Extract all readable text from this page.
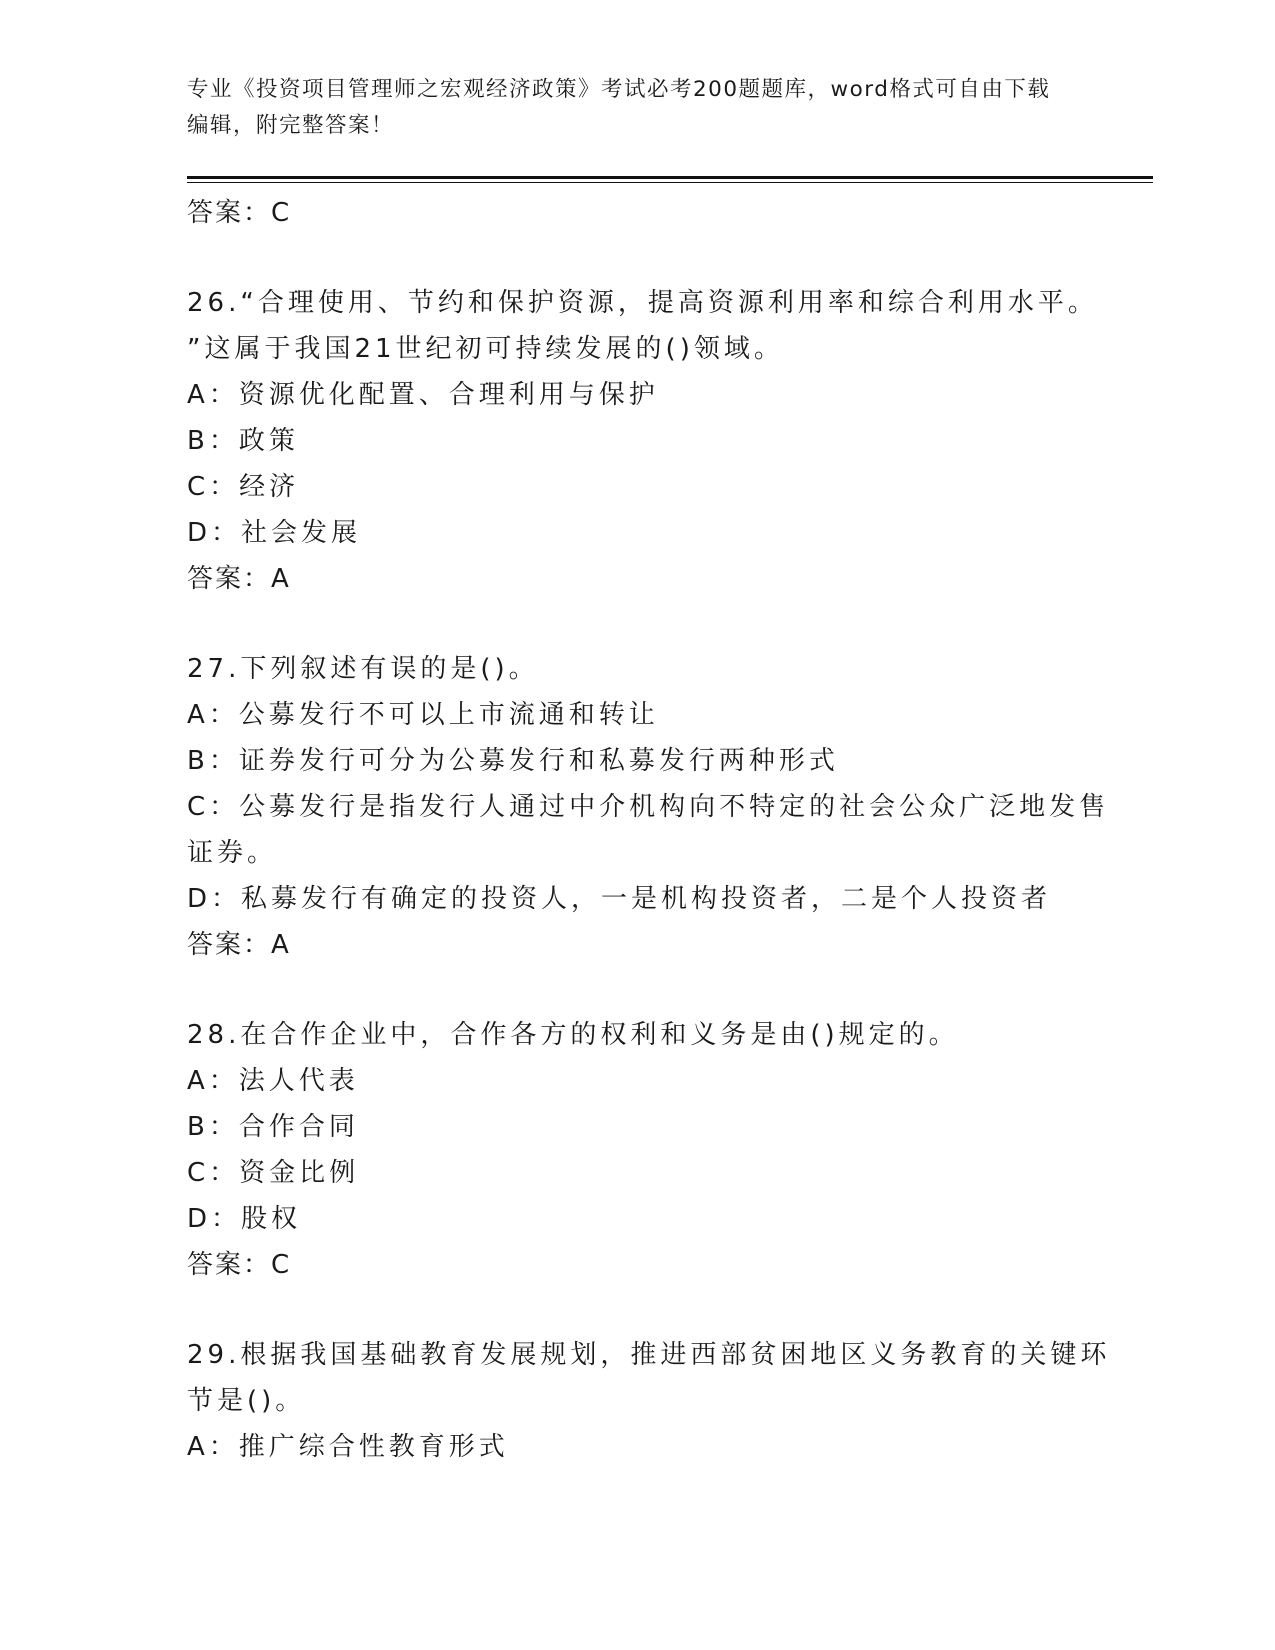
专业《投资项目管理师之宏观经济政策》考试必考200题题库，word格式可自由下载编辑，附完整答案！
答案：C
26.“合理使用、节约和保护资源，提高资源利用率和综合利用水平。
”这属于我国21世纪初可持续发展的()领域。
A：资源优化配置、合理利用与保护
B：政策
C：经济
D：社会发展
答案：A
27.下列叙述有误的是()。
A：公募发行不可以上市流通和转让
B：证券发行可分为公募发行和私募发行两种形式
C：公募发行是指发行人通过中介机构向不特定的社会公众广泛地发售
证券。
D：私募发行有确定的投资人，一是机构投资者，二是个人投资者
答案：A
28.在合作企业中，合作各方的权利和义务是由()规定的。
A：法人代表
B：合作合同
C：资金比例
D：股权
答案：C
29.根据我国基础教育发展规划，推进西部贫困地区义务教育的关键环
节是()。
A：推广综合性教育形式
